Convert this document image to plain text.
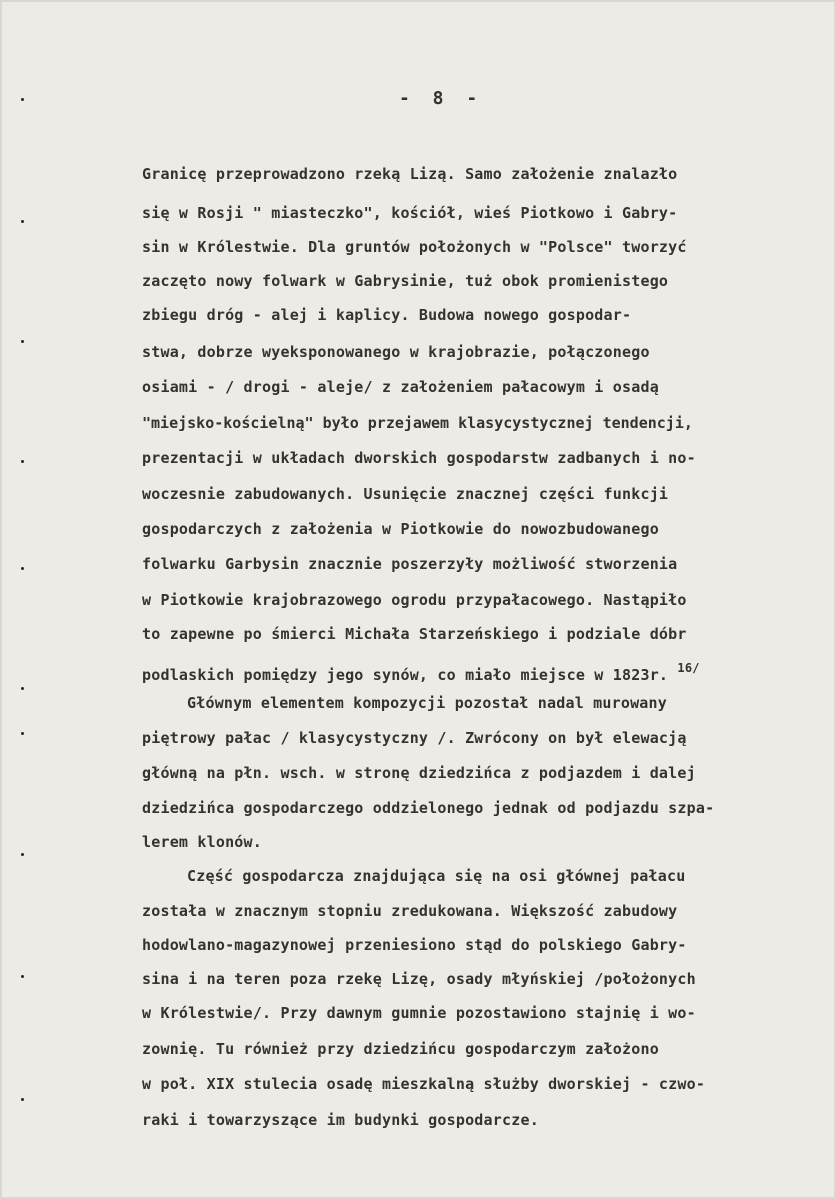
- 8 -
Granicę przeprowadzono rzeką Lizą. Samo założenie znalazło
się w Rosji " miasteczko", kościół, wieś Piotkowo i Gabry-
sin w Królestwie. Dla gruntów położonych w "Polsce" tworzyć
zaczęto nowy folwark w Gabrysinie, tuż obok promienistego
zbiegu dróg - alej i kaplicy. Budowa nowego gospodar-
stwa, dobrze wyeksponowanego w krajobrazie, połączonego
osiami - / drogi - aleje/ z założeniem pałacowym i osadą
"miejsko-kościelną" było przejawem klasycystycznej tendencji,
prezentacji w układach dworskich gospodarstw zadbanych i no-
woczesnie zabudowanych. Usunięcie znacznej części funkcji
gospodarczych z założenia w Piotkowie do nowozbudowanego
folwarku Garbysin znacznie poszerzyły możliwość stworzenia
w Piotkowie krajobrazowego ogrodu przypałacowego. Nastąpiło
to zapewne po śmierci Michała Starzeńskiego i podziale dóbr
podlaskich pomiędzy jego synów, co miało miejsce w 1823r. $^{16/}$
Głównym elementem kompozycji pozostał nadal murowany
piętrowy pałac / klasycystyczny /. Zwrócony on był elewacją
główną na płn. wsch. w stronę dziedzińca z podjazdem i dalej
dziedzińca gospodarczego oddzielonego jednak od podjazdu szpa-
lerem klonów.
Część gospodarcza znajdująca się na osi głównej pałacu
została w znacznym stopniu zredukowana. Większość zabudowy
hodowlano-magazynowej przeniesiono stąd do polskiego Gabry-
sina i na teren poza rzekę Lizę, osady młyńskiej /położonych
w Królestwie/. Przy dawnym gumnie pozostawiono stajnię i wo-
zownię. Tu również przy dziedzińcu gospodarczym założono
w poł. XIX stulecia osadę mieszkalną służby dworskiej - czwo-
raki i towarzyszące im budynki gospodarcze.
